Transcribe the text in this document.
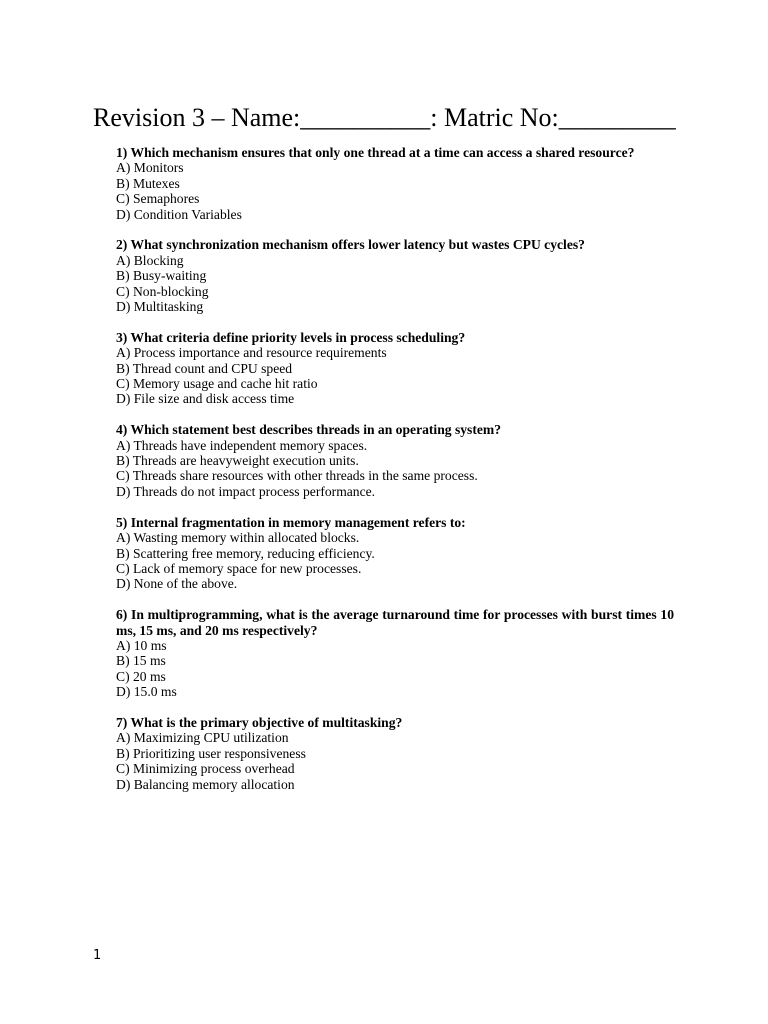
Revision 3 – Name:__________: Matric No:_________
1) Which mechanism ensures that only one thread at a time can access a shared resource?
A) Monitors
B) Mutexes
C) Semaphores
D) Condition Variables
2) What synchronization mechanism offers lower latency but wastes CPU cycles?
A) Blocking
B) Busy-waiting
C) Non-blocking
D) Multitasking
3) What criteria define priority levels in process scheduling?
A) Process importance and resource requirements
B) Thread count and CPU speed
C) Memory usage and cache hit ratio
D) File size and disk access time
4) Which statement best describes threads in an operating system?
A) Threads have independent memory spaces.
B) Threads are heavyweight execution units.
C) Threads share resources with other threads in the same process.
D) Threads do not impact process performance.
5) Internal fragmentation in memory management refers to:
A) Wasting memory within allocated blocks.
B) Scattering free memory, reducing efficiency.
C) Lack of memory space for new processes.
D) None of the above.
6) In multiprogramming, what is the average turnaround time for processes with burst times 10 ms, 15 ms, and 20 ms respectively?
A) 10 ms
B) 15 ms
C) 20 ms
D) 15.0 ms
7) What is the primary objective of multitasking?
A) Maximizing CPU utilization
B) Prioritizing user responsiveness
C) Minimizing process overhead
D) Balancing memory allocation
1
